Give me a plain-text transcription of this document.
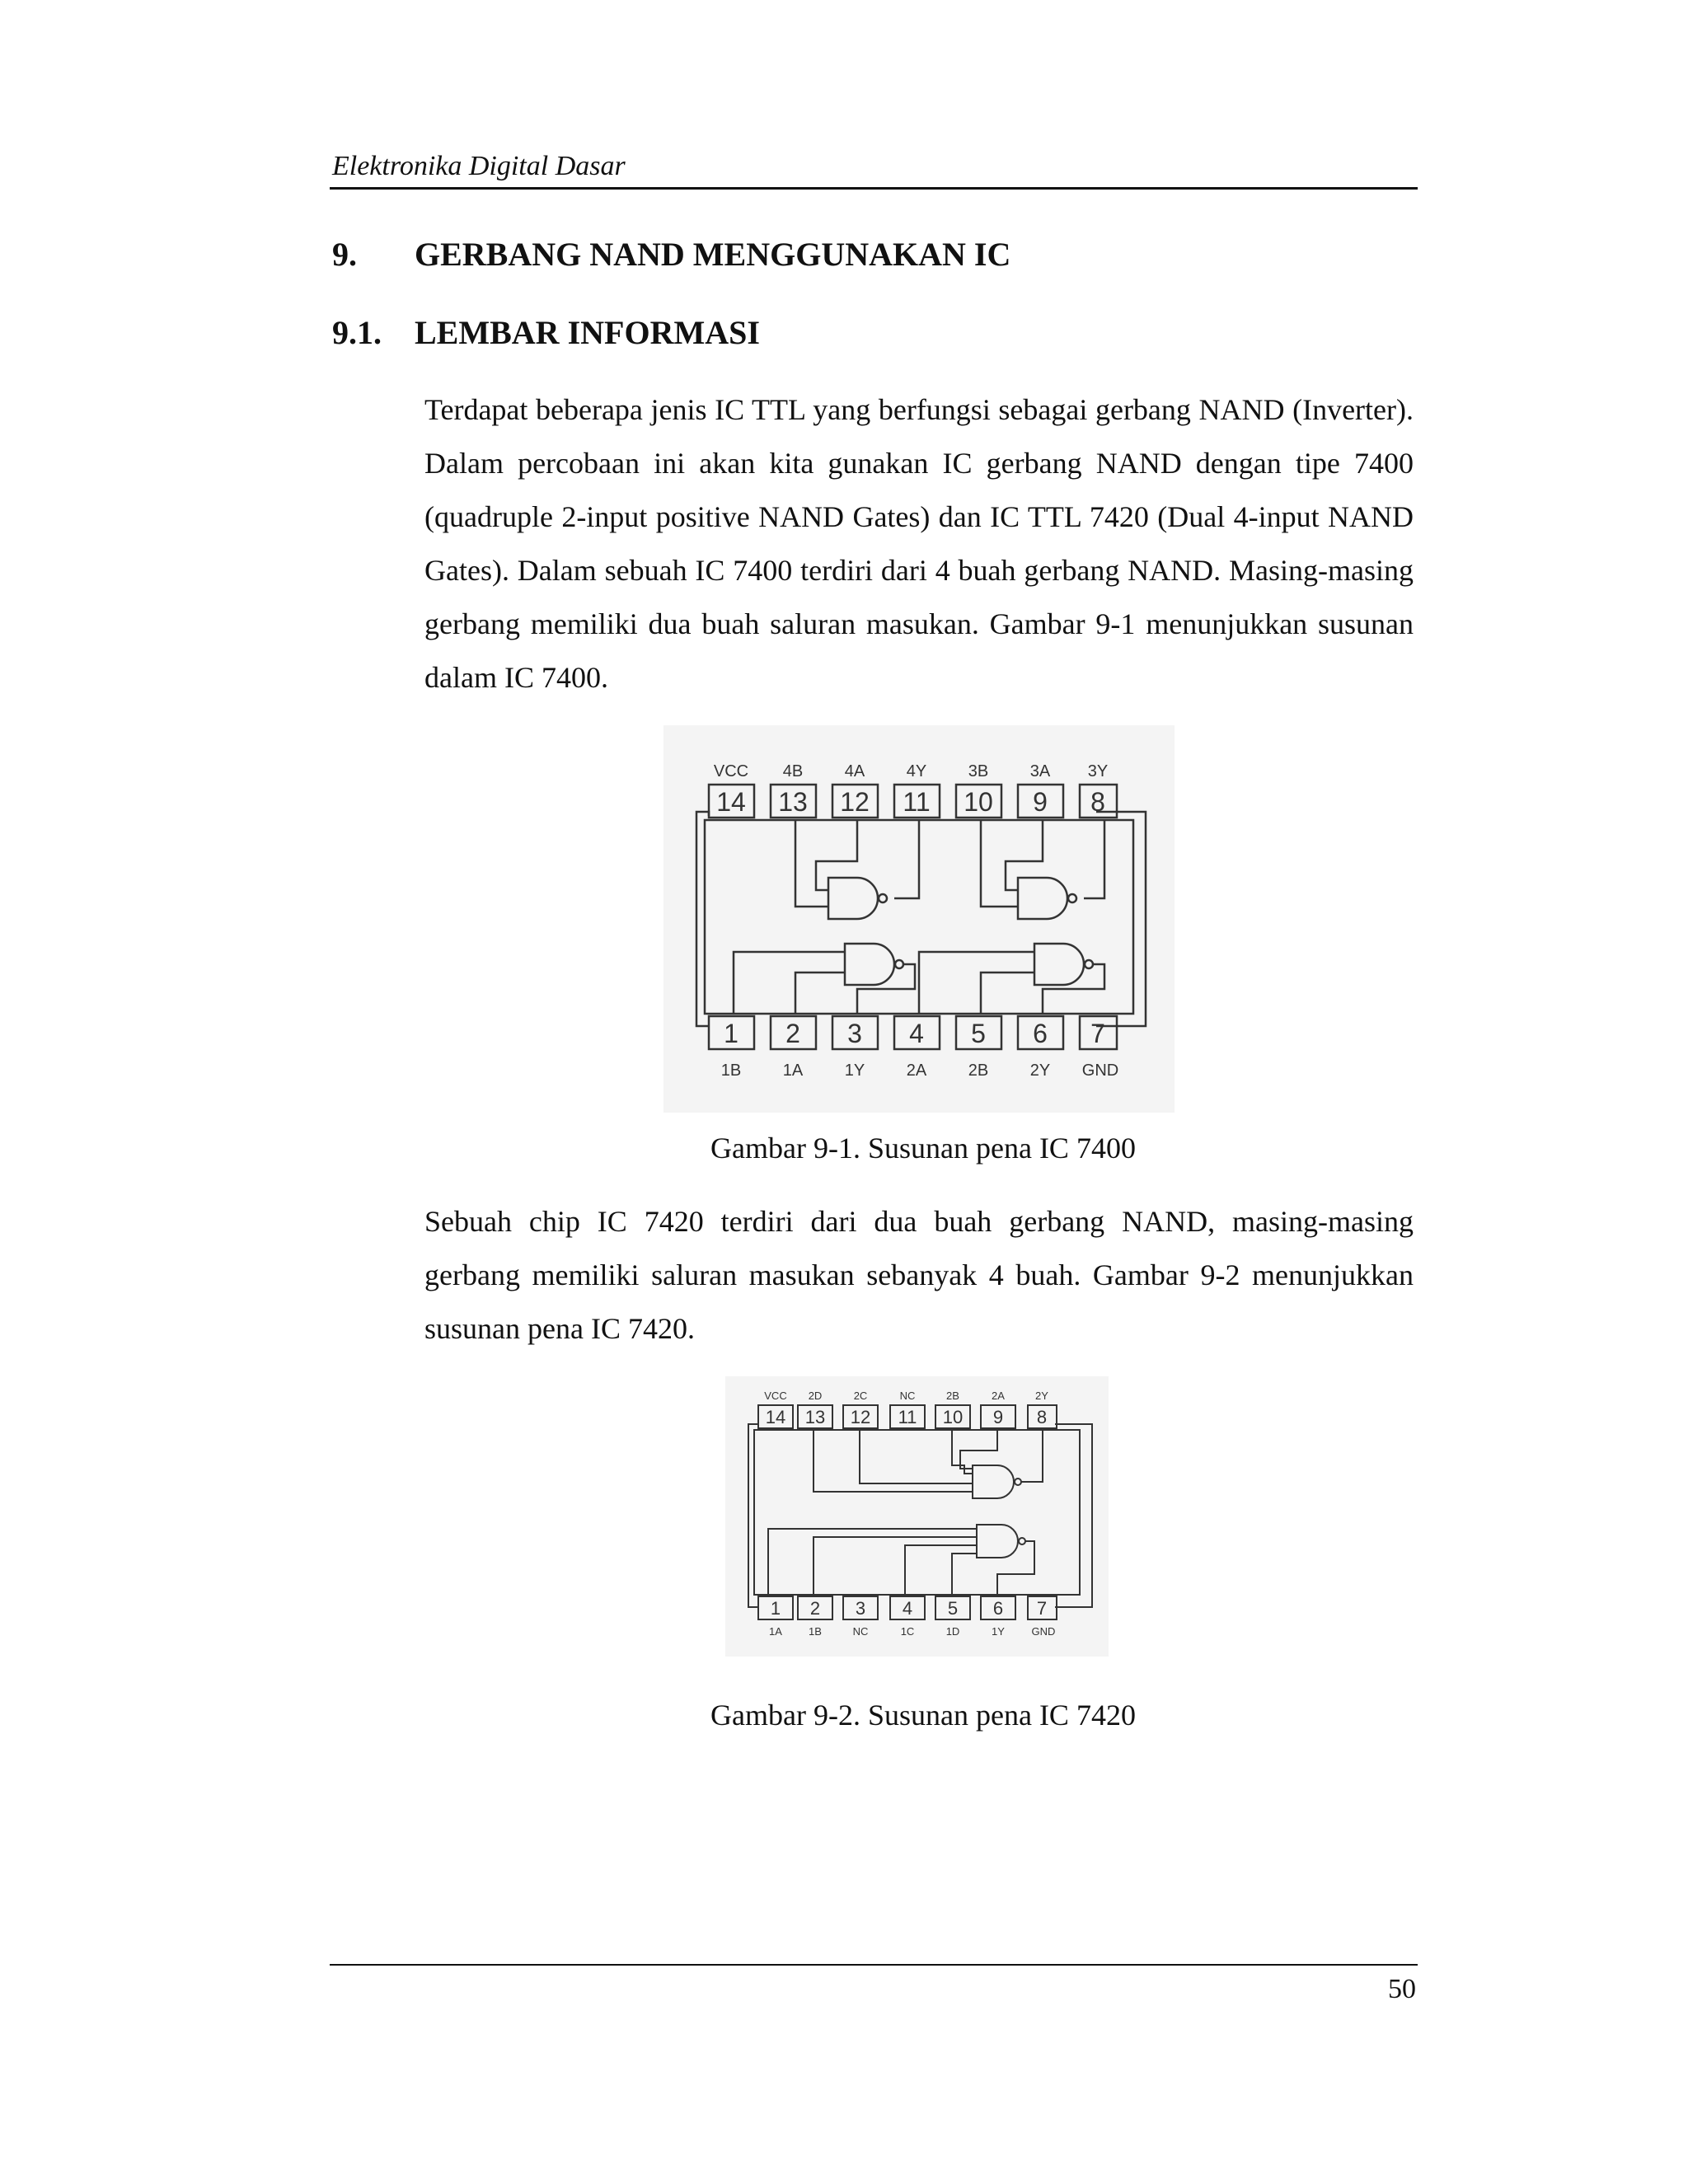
Elektronika Digital Dasar
9. GERBANG NAND MENGGUNAKAN IC
9.1. LEMBAR INFORMASI

Terdapat beberapa jenis IC TTL yang berfungsi sebagai gerbang NAND (Inverter). Dalam percobaan ini akan kita gunakan IC gerbang NAND dengan tipe 7400 (quadruple 2-input positive NAND Gates) dan IC TTL 7420 (Dual 4-input NAND Gates). Dalam sebuah IC 7400 terdiri dari 4 buah gerbang NAND. Masing-masing gerbang memiliki dua buah saluran masukan. Gambar 9-1 menunjukkan susunan dalam IC 7400.

VCC 4B	4A	4Y	3B	3A 3Y
14 13 12 11 10 9 8
1 2 3 4 5 6 7
1B	1A	1Y	2A	2B	2Y GND
Gambar 9-1. Susunan pena IC 7400

Sebuah chip IC 7420 terdiri dari dua buah gerbang NAND, masing-masing gerbang memiliki saluran masukan sebanyak 4 buah. Gambar 9-2 menunjukkan susunan pena IC 7420.

VCC 2D	2C	NC	2B	2A	2Y
14 13 12 11 10 9 8
1 2 3 4 5 6 7
1A 1B	NC	1C	1D	1Y	GND
Gambar 9-2. Susunan pena IC 7420
50
